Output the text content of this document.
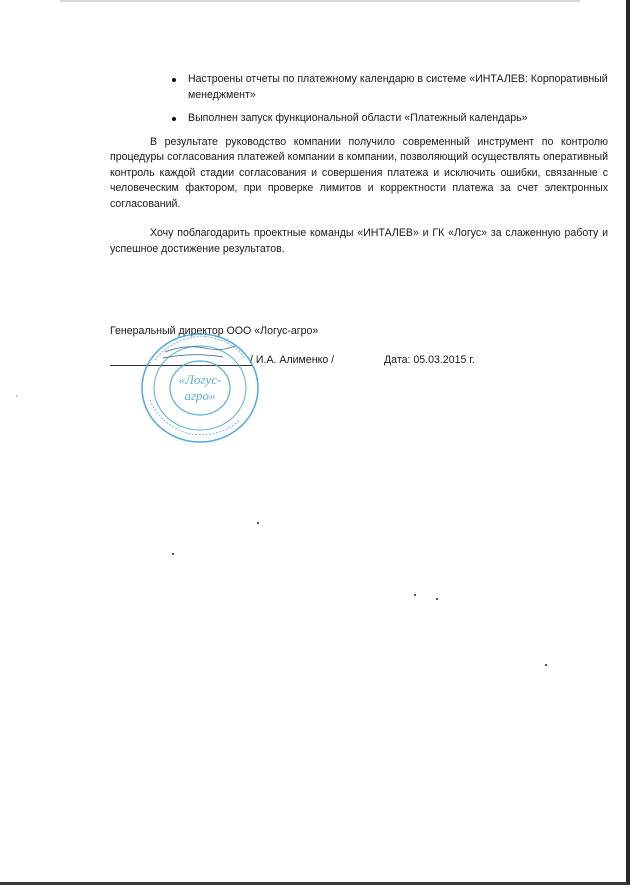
Настроены отчеты по платежному календарю в системе «ИНТАЛЕВ: Корпоративный менеджмент»
Выполнен запуск функциональной области «Платежный календарь»

В результате руководство компании получило современный инструмент по контролю процедуры согласования платежей компании в компании, позволяющий осуществлять оперативный контроль каждой стадии согласования и совершения платежа и исключить ошибки, связанные с человеческим фактором, при проверке лимитов и корректности платежа за счет электронных согласований.

Хочу поблагодарить проектные команды «ИНТАЛЕВ» и ГК «Логус» за слаженную работу и успешное достижение результатов.

Генеральный директор ООО «Логус-агро»
/ И.А. Алименко /	Дата: 05.03.2015 г.
«Логус-
агро»
